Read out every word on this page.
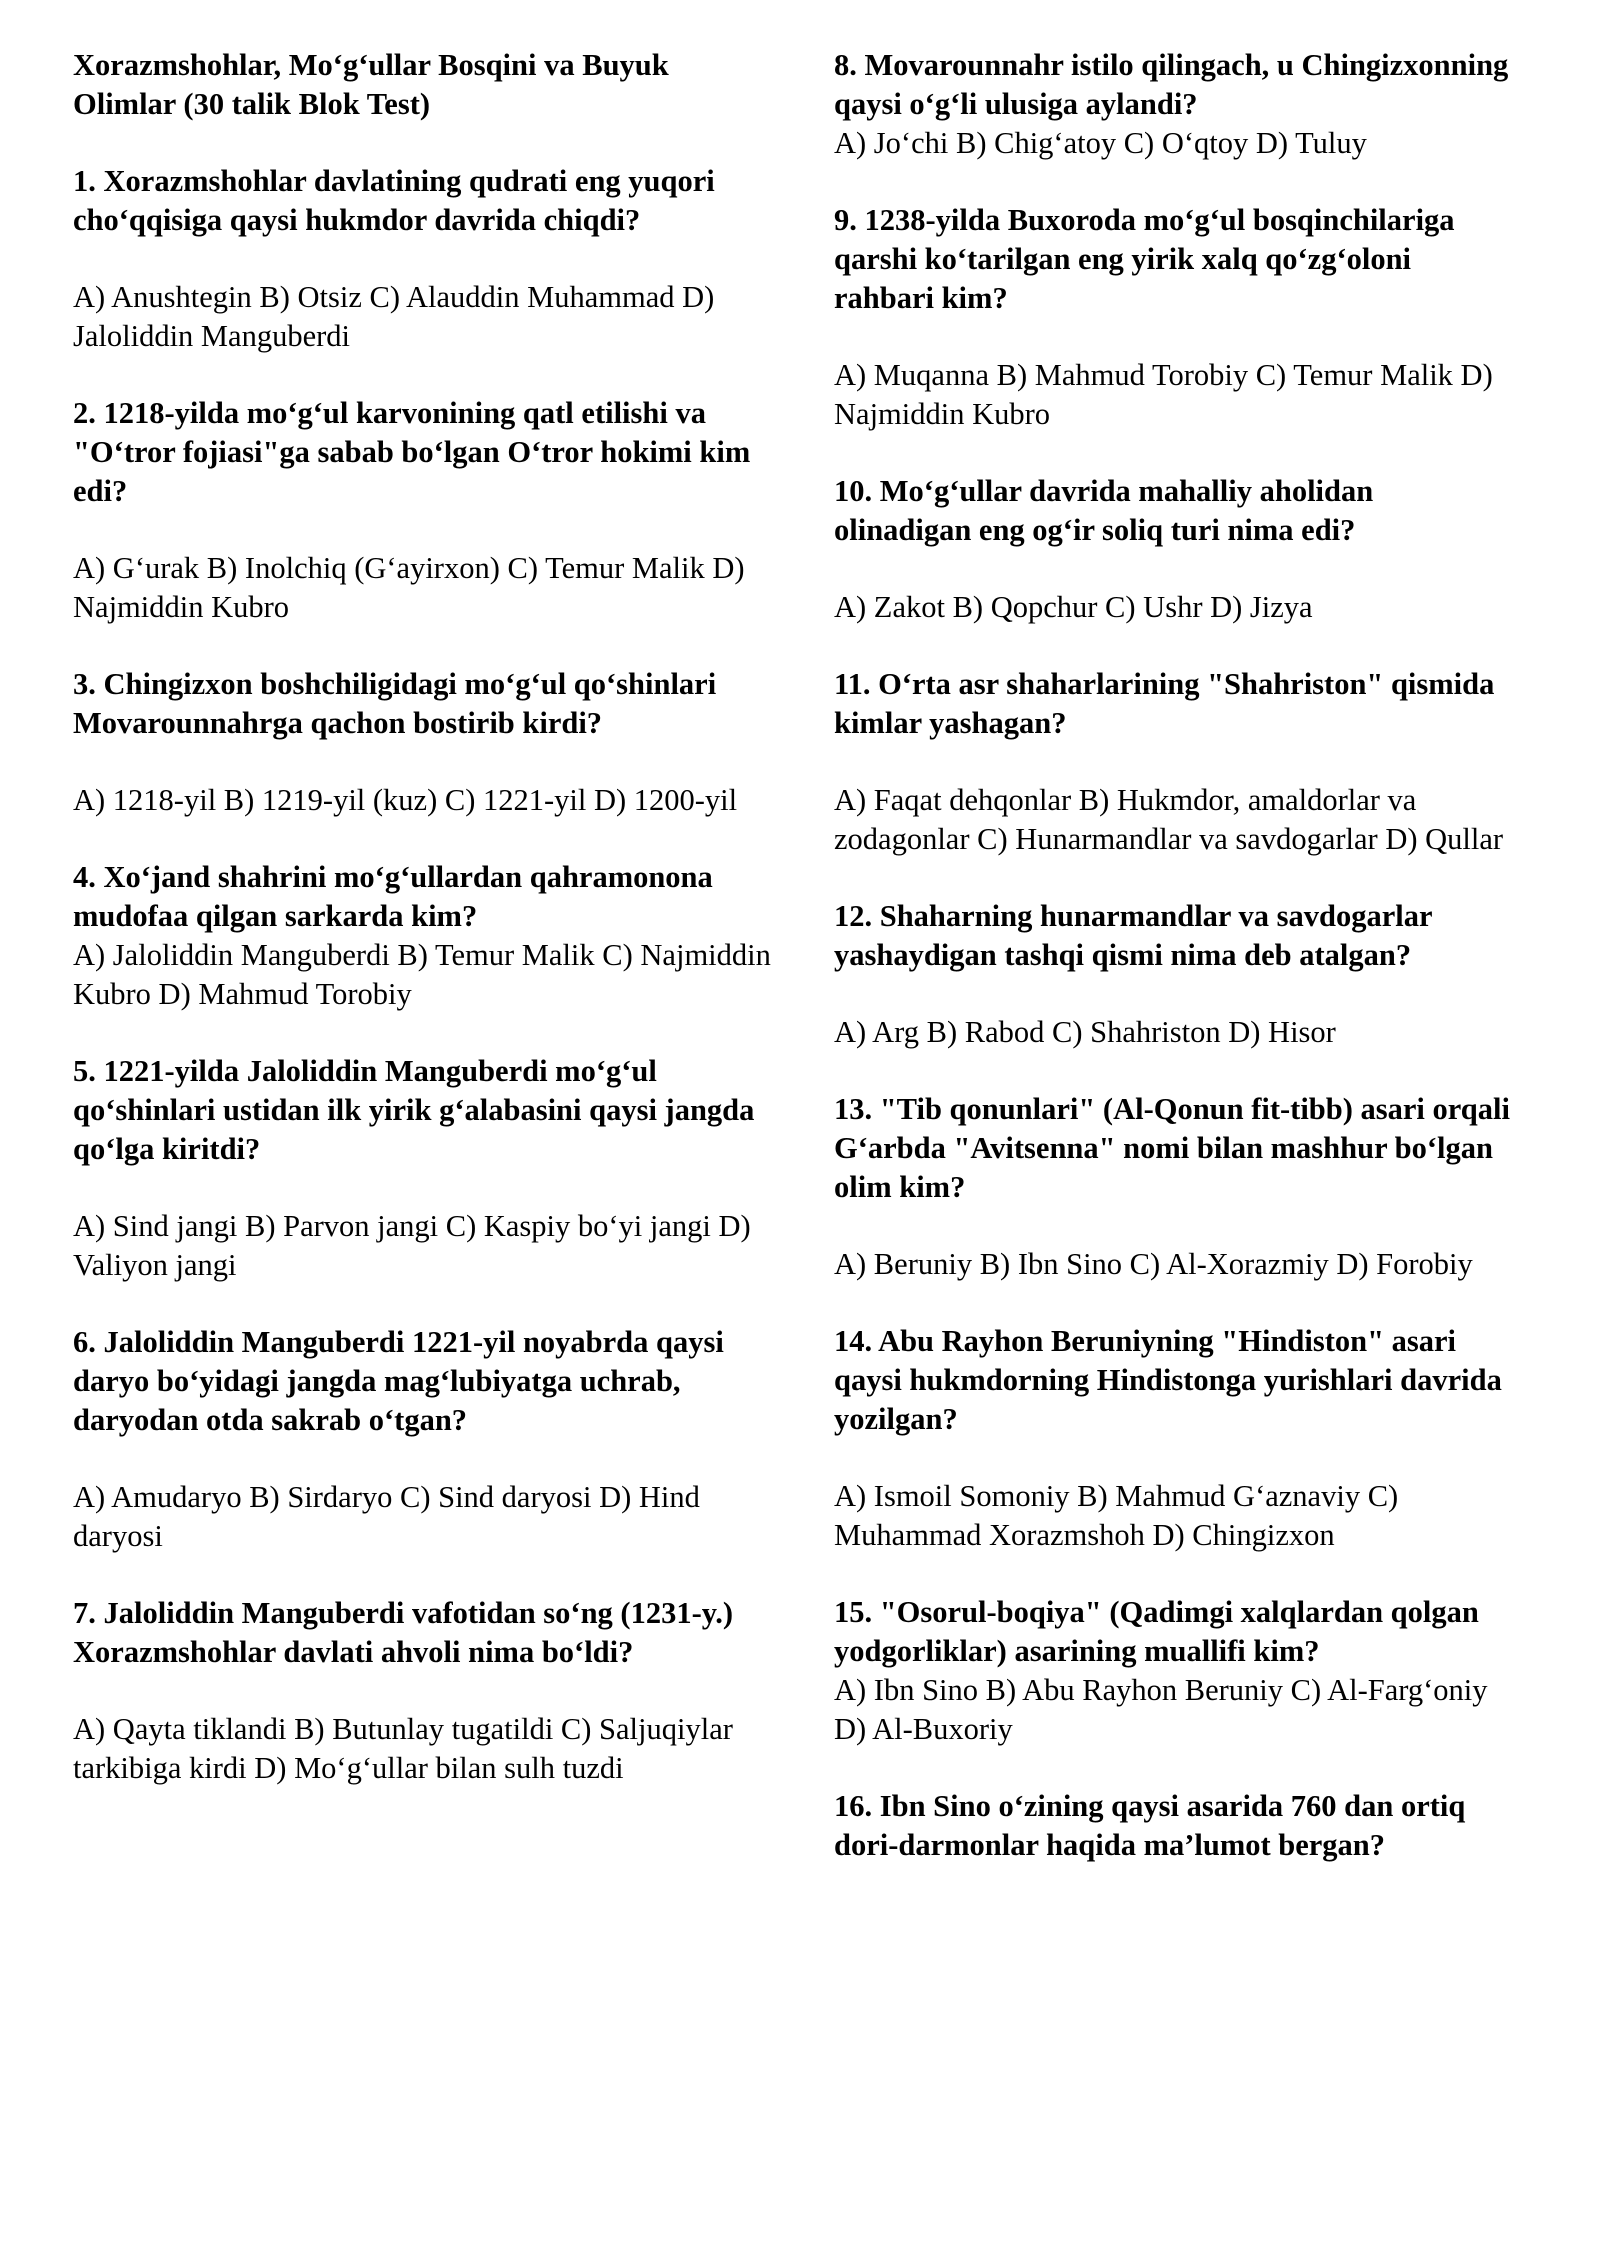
Xorazmshohlar, Mo‘g‘ullar Bosqini va Buyuk Olimlar (30 talik Blok Test)
1. Xorazmshohlar davlatining qudrati eng yuqori cho‘qqisiga qaysi hukmdor davrida chiqdi?
A) Anushtegin B) Otsiz C) Alauddin Muhammad D) Jaloliddin Manguberdi
2. 1218-yilda mo‘g‘ul karvonining qatl etilishi va "O‘tror fojiasi"ga sabab bo‘lgan O‘tror hokimi kim edi?
A) G‘urak B) Inolchiq (G‘ayirxon) C) Temur Malik D) Najmiddin Kubro
3. Chingizxon boshchiligidagi mo‘g‘ul qo‘shinlari Movarounnahrga qachon bostirib kirdi?
A) 1218-yil B) 1219-yil (kuz) C) 1221-yil D) 1200-yil
4. Xo‘jand shahrini mo‘g‘ullardan qahramonona mudofaa qilgan sarkarda kim?
A) Jaloliddin Manguberdi B) Temur Malik C) Najmiddin Kubro D) Mahmud Torobiy
5. 1221-yilda Jaloliddin Manguberdi mo‘g‘ul qo‘shinlari ustidan ilk yirik g‘alabasini qaysi jangda qo‘lga kiritdi?
A) Sind jangi B) Parvon jangi C) Kaspiy bo‘yi jangi D) Valiyon jangi
6. Jaloliddin Manguberdi 1221-yil noyabrda qaysi daryo bo‘yidagi jangda mag‘lubiyatga uchrab, daryodan otda sakrab o‘tgan?
A) Amudaryo B) Sirdaryo C) Sind daryosi D) Hind daryosi
7. Jaloliddin Manguberdi vafotidan so‘ng (1231-y.) Xorazmshohlar davlati ahvoli nima bo‘ldi?
A) Qayta tiklandi B) Butunlay tugatildi C) Saljuqiylar tarkibiga kirdi D) Mo‘g‘ullar bilan sulh tuzdi
8. Movarounnahr istilo qilingach, u Chingizxonning qaysi o‘g‘li ulusiga aylandi?
A) Jo‘chi B) Chig‘atoy C) O‘qtoy D) Tuluy
9. 1238-yilda Buxoroda mo‘g‘ul bosqinchilariga qarshi ko‘tarilgan eng yirik xalq qo‘zg‘oloni rahbari kim?
A) Muqanna B) Mahmud Torobiy C) Temur Malik D) Najmiddin Kubro
10. Mo‘g‘ullar davrida mahalliy aholidan olinadigan eng og‘ir soliq turi nima edi?
A) Zakot B) Qopchur C) Ushr D) Jizya
11. O‘rta asr shaharlarining "Shahriston" qismida kimlar yashagan?
A) Faqat dehqonlar B) Hukmdor, amaldorlar va zodagonlar C) Hunarmandlar va savdogarlar D) Qullar
12. Shaharning hunarmandlar va savdogarlar yashaydigan tashqi qismi nima deb atalgan?
A) Arg B) Rabod C) Shahriston D) Hisor
13. "Tib qonunlari" (Al-Qonun fit-tibb) asari orqali G‘arbda "Avitsenna" nomi bilan mashhur bo‘lgan olim kim?
A) Beruniy B) Ibn Sino C) Al-Xorazmiy D) Forobiy
14. Abu Rayhon Beruniyning "Hindiston" asari qaysi hukmdorning Hindistonga yurishlari davrida yozilgan?
A) Ismoil Somoniy B) Mahmud G‘aznaviy C) Muhammad Xorazmshoh D) Chingizxon
15. "Osorul-boqiya" (Qadimgi xalqlardan qolgan yodgorliklar) asarining muallifi kim?
A) Ibn Sino B) Abu Rayhon Beruniy C) Al-Farg‘oniy D) Al-Buxoriy
16. Ibn Sino o‘zining qaysi asarida 760 dan ortiq dori-darmonlar haqida ma’lumot bergan?
